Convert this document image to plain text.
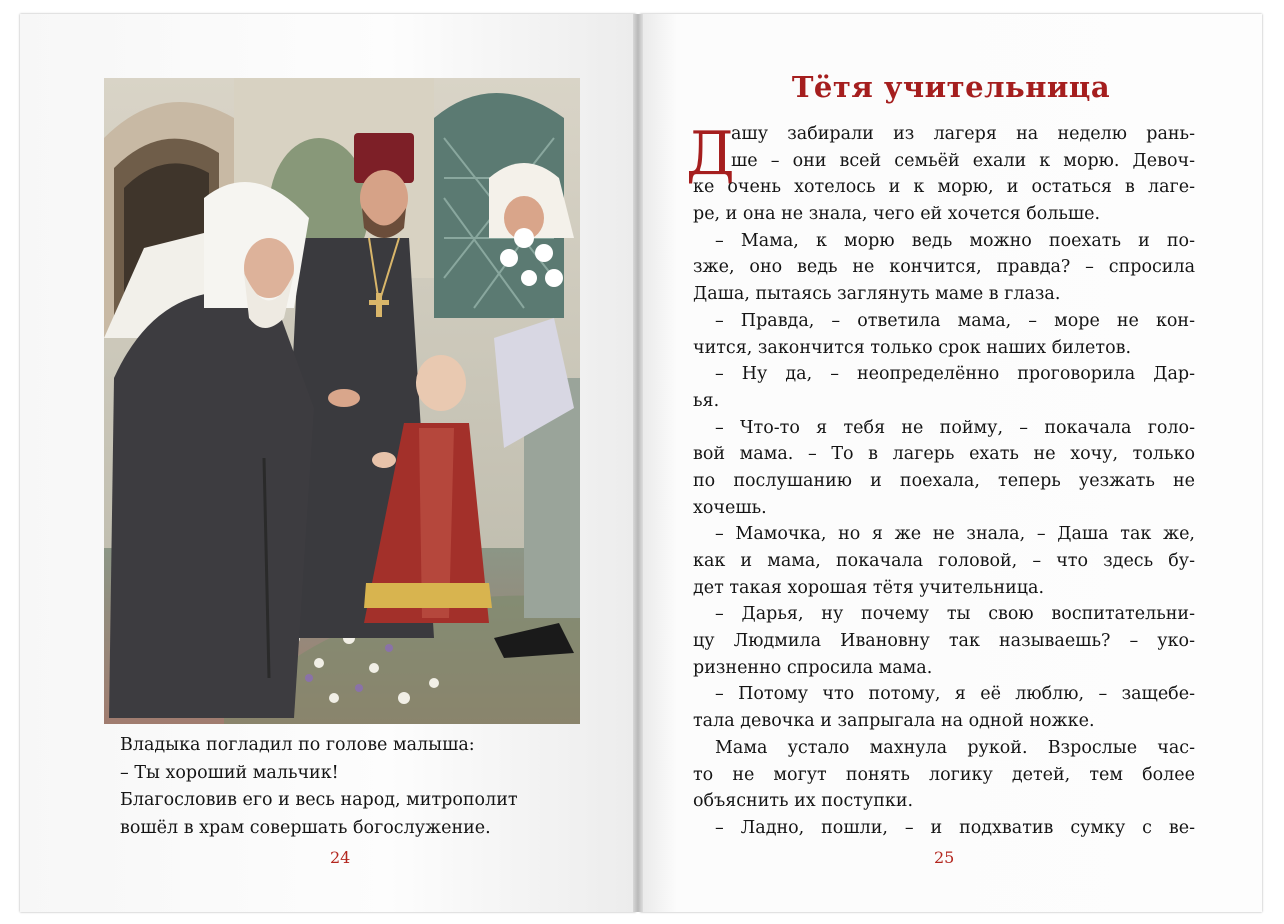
Владыка погладил по голове малыша:

– Ты хороший мальчик!

Благословив его и весь народ, митрополит

вошёл в храм совершать богослужение.

24
Тётя учительница
Д
ашу забирали из лагеря на неделю рань-
ше – они всей семьёй ехали к морю. Девоч-
ке очень хотелось и к морю, и остаться в лаге-
ре, и она не знала, чего ей хочется больше.
– Мама, к морю ведь можно поехать и по-
зже, оно ведь не кончится, правда? – спросила
Даша, пытаясь заглянуть маме в глаза.
– Правда, – ответила мама, – море не кон-
чится, закончится только срок наших билетов.
– Ну да, – неопределённо проговорила Дар-
ья.
– Что-то я тебя не пойму, – покачала голо-
вой мама. – То в лагерь ехать не хочу, только
по послушанию и поехала, теперь уезжать не
хочешь.
– Мамочка, но я же не знала, – Даша так же,
как и мама, покачала головой, – что здесь бу-
дет такая хорошая тётя учительница.
– Дарья, ну почему ты свою воспитательни-
цу Людмила Ивановну так называешь? – уко-
ризненно спросила мама.
– Потому что потому, я её люблю, – защебе-
тала девочка и запрыгала на одной ножке.
Мама устало махнула рукой. Взрослые час-
то не могут понять логику детей, тем более
объяснить их поступки.
– Ладно, пошли, – и подхватив сумку с ве-
25
